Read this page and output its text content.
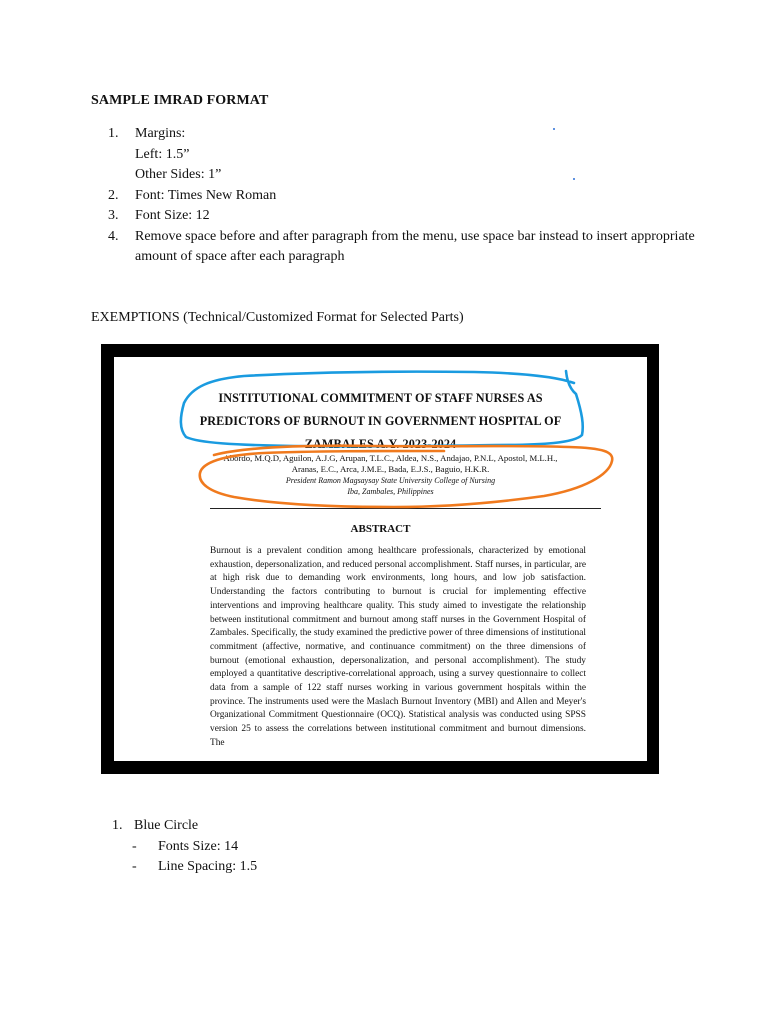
SAMPLE IMRAD FORMAT
1.	Margins:
Left: 1.5”
Other Sides: 1”
2.	Font: Times New Roman
3.	Font Size: 12
4.	Remove space before and after paragraph from the menu, use space bar instead to insert appropriate amount of space after each paragraph
EXEMPTIONS (Technical/Customized Format for Selected Parts)
INSTITUTIONAL COMMITMENT OF STAFF NURSES AS
PREDICTORS OF BURNOUT IN GOVERNMENT HOSPITAL OF
ZAMBALES A.Y. 2023-2024
Abordo, M.Q.D, Aguilon, A.J.G, Arupan, T.L.C., Aldea, N.S., Andajao, P.N.L, Apostol, M.L.H.,
Aranas, E.C., Arca, J.M.E., Bada, E.J.S., Baguio, H.K.R.
President Ramon Magsaysay State University College of Nursing
Iba, Zambales, Philippines
ABSTRACT
Burnout is a prevalent condition among healthcare professionals, characterized by emotional exhaustion, depersonalization, and reduced personal accomplishment. Staff nurses, in particular, are at high risk due to demanding work environments, long hours, and low job satisfaction. Understanding the factors contributing to burnout is crucial for implementing effective interventions and improving healthcare quality. This study aimed to investigate the relationship between institutional commitment and burnout among staff nurses in the Government Hospital of Zambales. Specifically, the study examined the predictive power of three dimensions of institutional commitment (affective, normative, and continuance commitment) on the three dimensions of burnout (emotional exhaustion, depersonalization, and personal accomplishment). The study employed a quantitative descriptive-correlational approach, using a survey questionnaire to collect data from a sample of 122 staff nurses working in various government hospitals within the province. The instruments used were the Maslach Burnout Inventory (MBI) and Allen and Meyer's Organizational Commitment Questionnaire (OCQ). Statistical analysis was conducted using SPSS version 25 to assess the correlations between institutional commitment and burnout dimensions. The
1. Blue Circle
-	Fonts Size: 14
-	Line Spacing: 1.5
